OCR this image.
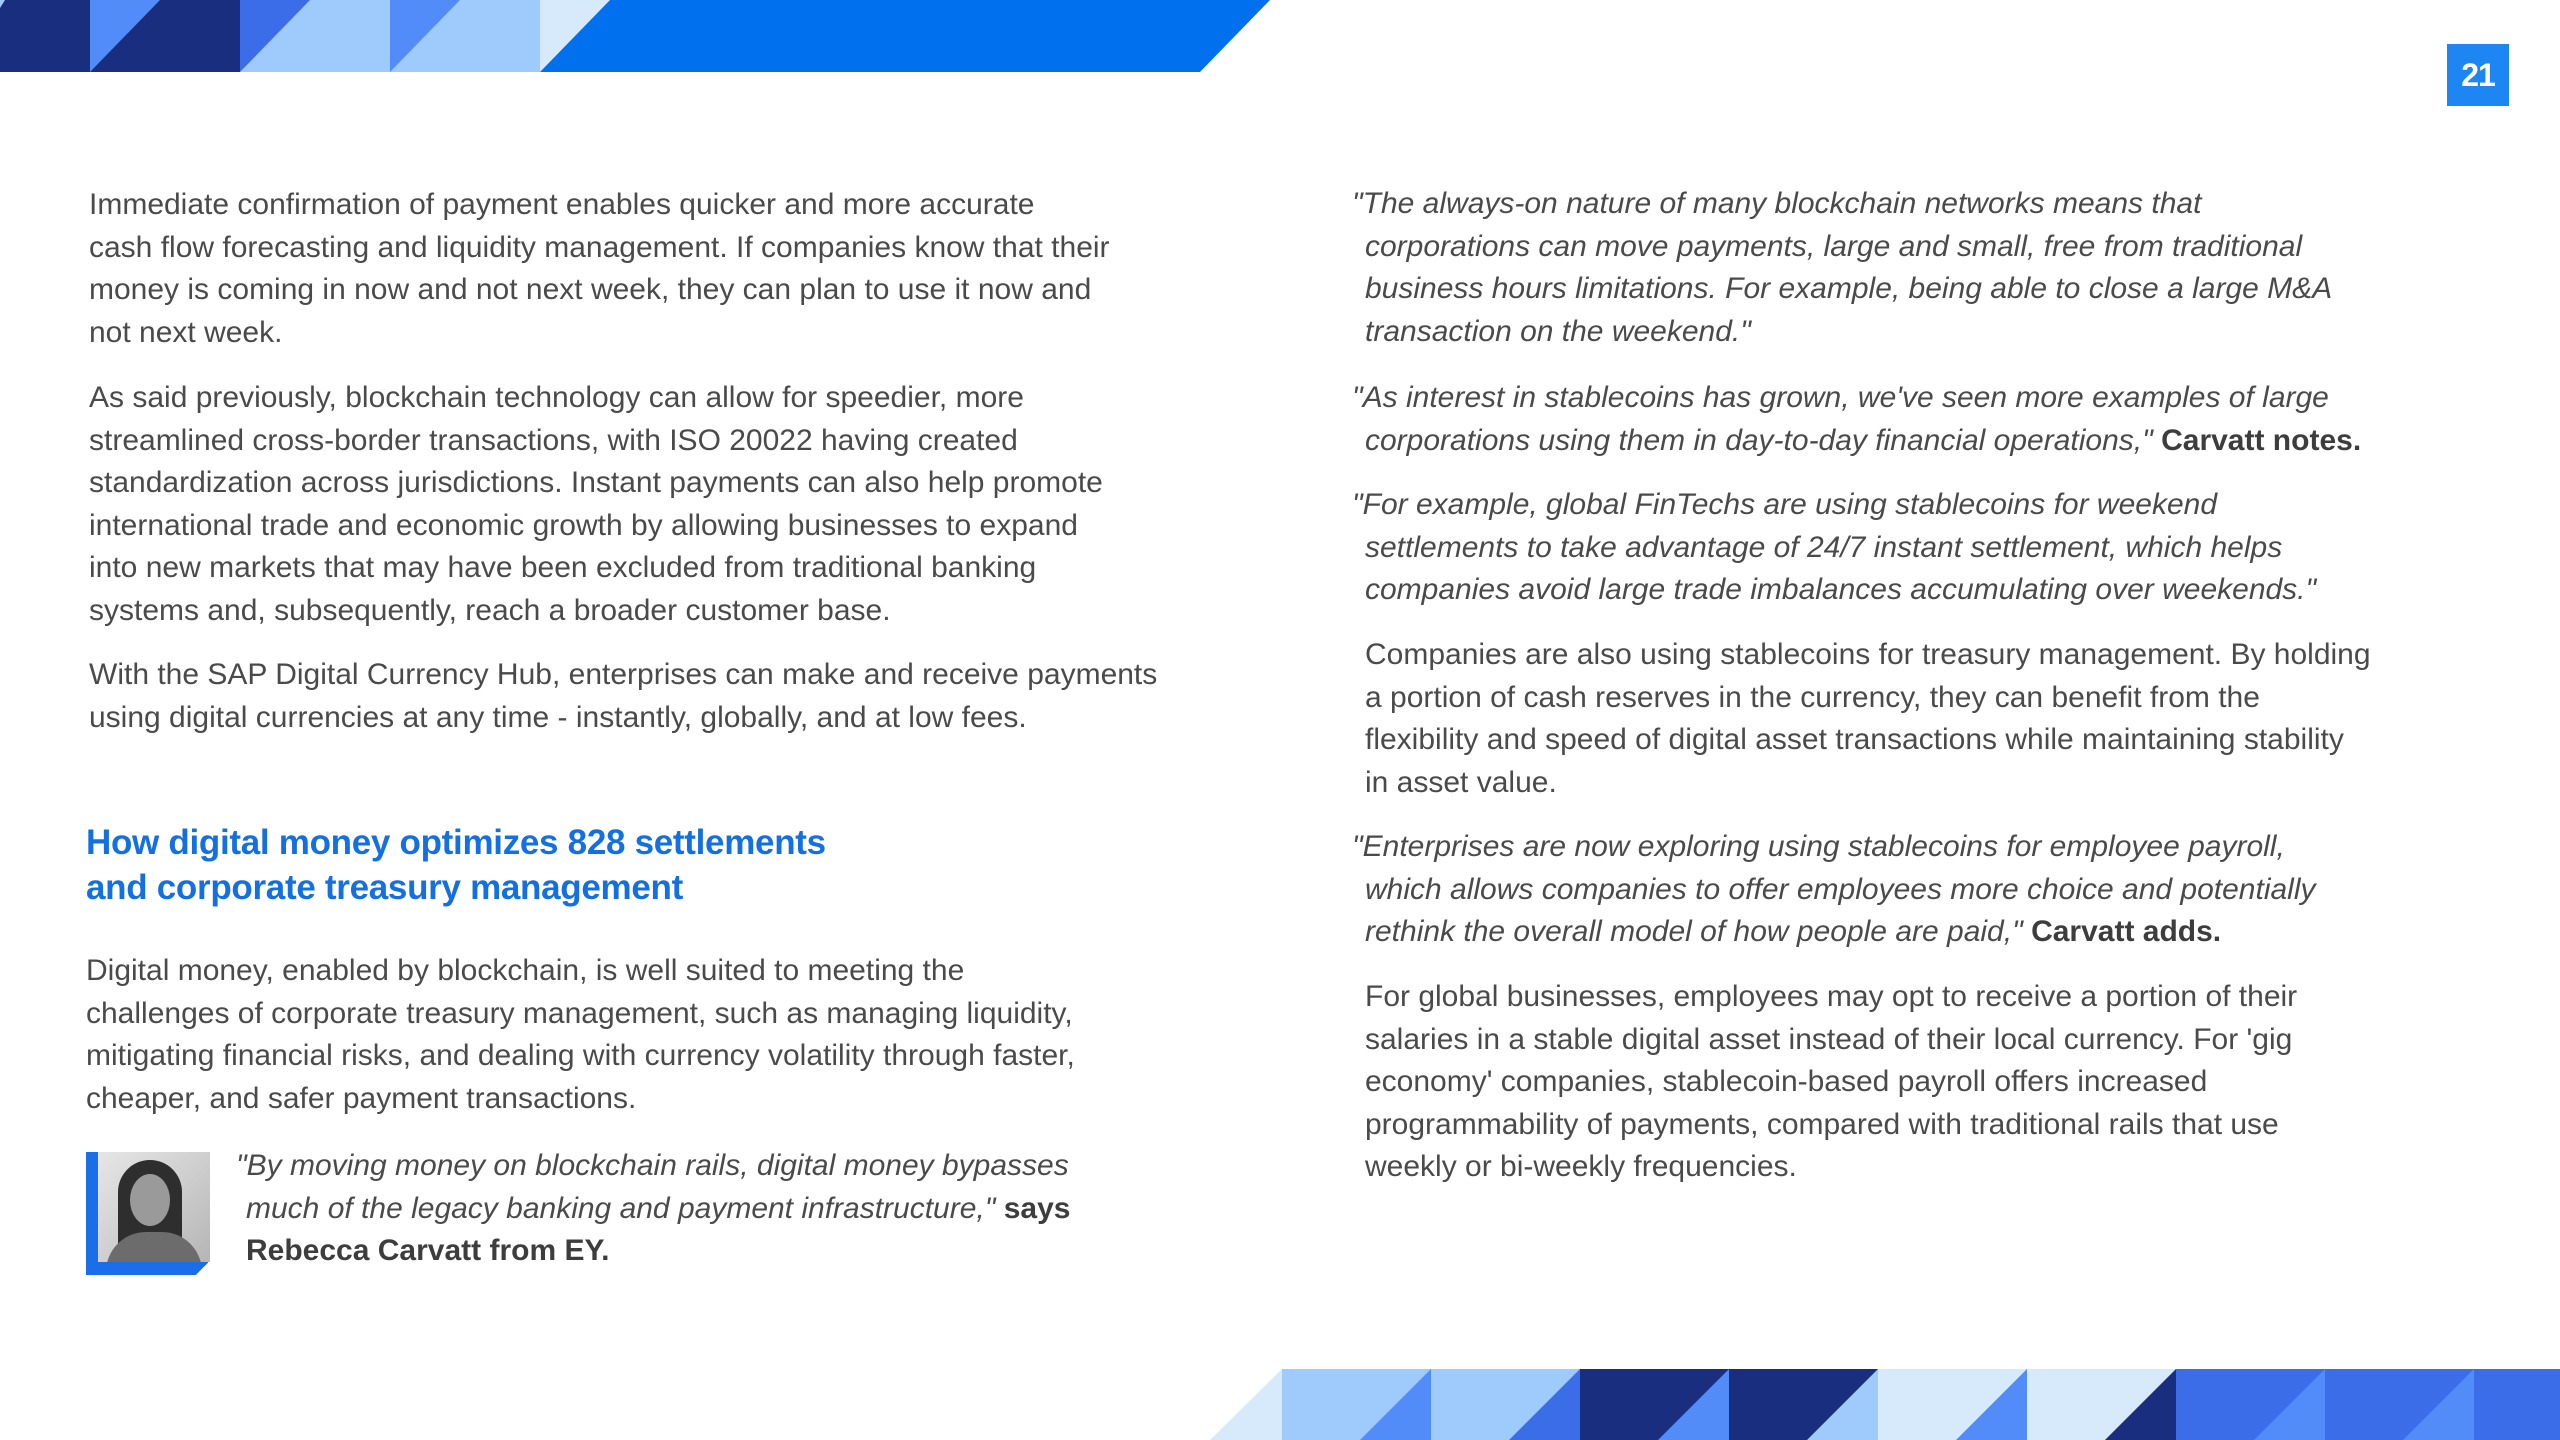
21

Immediate confirmation of payment enables quicker and more accurate
cash flow forecasting and liquidity management. If companies know that their
money is coming in now and not next week, they can plan to use it now and
not next week.

As said previously, blockchain technology can allow for speedier, more
streamlined cross-border transactions, with ISO 20022 having created
standardization across jurisdictions. Instant payments can also help promote
international trade and economic growth by allowing businesses to expand
into new markets that may have been excluded from traditional banking
systems and, subsequently, reach a broader customer base.

With the SAP Digital Currency Hub, enterprises can make and receive payments
using digital currencies at any time - instantly, globally, and at low fees.

How digital money optimizes 828 settlements
and corporate treasury management

Digital money, enabled by blockchain, is well suited to meeting the
challenges of corporate treasury management, such as managing liquidity,
mitigating financial risks, and dealing with currency volatility through faster,
cheaper, and safer payment transactions.

"By moving money on blockchain rails, digital money bypasses
much of the legacy banking and payment infrastructure," says
Rebecca Carvatt from EY.

"The always-on nature of many blockchain networks means that
corporations can move payments, large and small, free from traditional
business hours limitations. For example, being able to close a large M&A
transaction on the weekend."

"As interest in stablecoins has grown, we've seen more examples of large
corporations using them in day-to-day financial operations," Carvatt notes.

"For example, global FinTechs are using stablecoins for weekend
settlements to take advantage of 24/7 instant settlement, which helps
companies avoid large trade imbalances accumulating over weekends."

Companies are also using stablecoins for treasury management. By holding
a portion of cash reserves in the currency, they can benefit from the
flexibility and speed of digital asset transactions while maintaining stability
in asset value.

"Enterprises are now exploring using stablecoins for employee payroll,
which allows companies to offer employees more choice and potentially
rethink the overall model of how people are paid," Carvatt adds.

For global businesses, employees may opt to receive a portion of their
salaries in a stable digital asset instead of their local currency. For 'gig
economy' companies, stablecoin-based payroll offers increased
programmability of payments, compared with traditional rails that use
weekly or bi-weekly frequencies.
